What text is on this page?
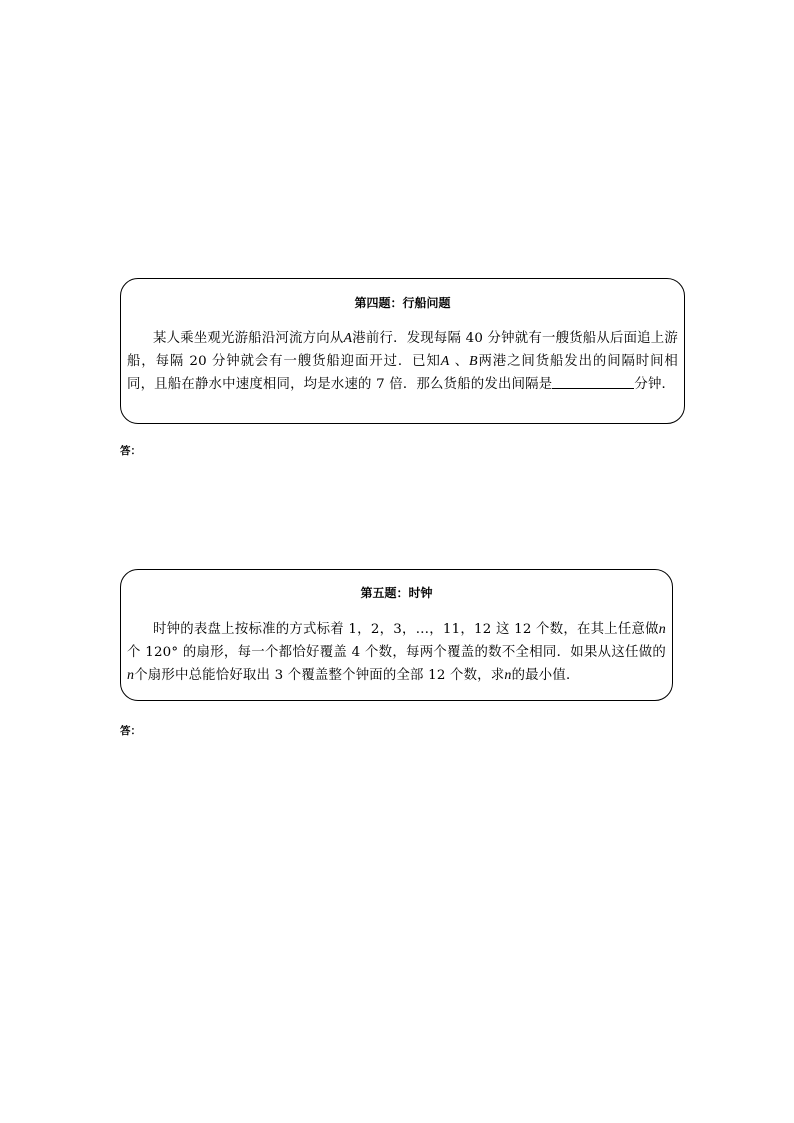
第四题：行船问题
某人乘坐观光游船沿河流方向从A港前行．发现每隔 40 分钟就有一艘货船从后面追上游船，每隔 20 分钟就会有一艘货船迎面开过．已知A 、B两港之间货船发出的间隔时间相同，且船在静水中速度相同，均是水速的 7 倍．那么货船的发出间隔是	分钟．
答：
第五题：时钟
时钟的表盘上按标准的方式标着 1，2，3，…，11，12 这 12 个数，在其上任意做n个 120° 的扇形，每一个都恰好覆盖 4 个数，每两个覆盖的数不全相同．如果从这任做的n个扇形中总能恰好取出 3 个覆盖整个钟面的全部 12 个数，求n的最小值．
答：
